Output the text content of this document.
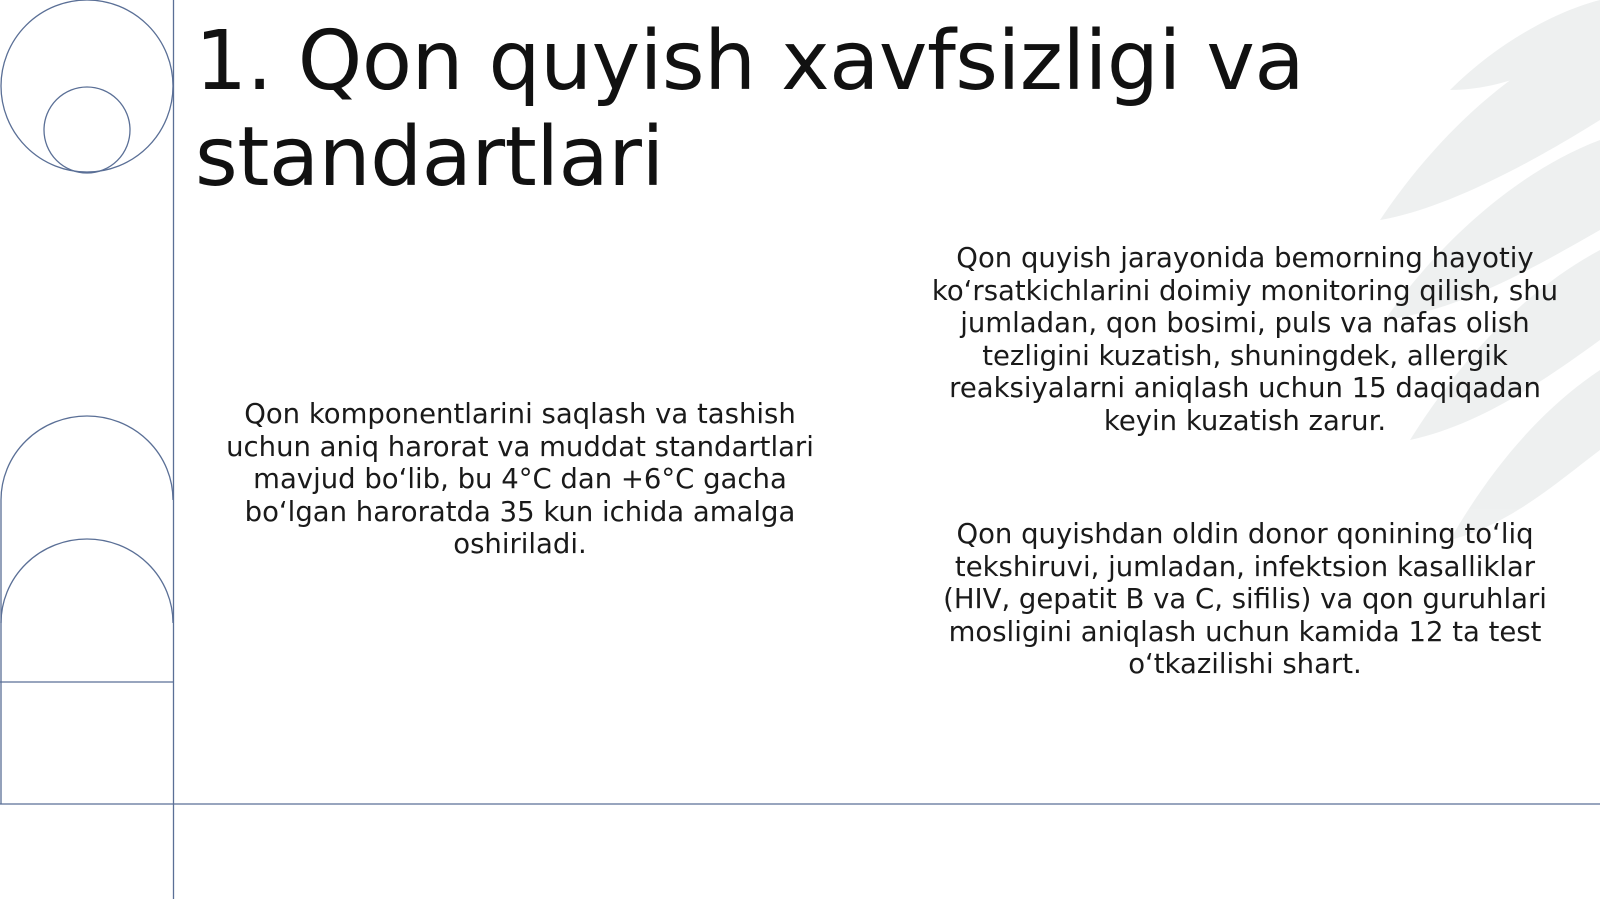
1. Qon quyish xavfsizligi va standartlari

Qon komponentlarini saqlash va tashish uchun aniq harorat va muddat standartlari mavjud bo‘lib, bu 4°C dan +6°C gacha bo‘lgan haroratda 35 kun ichida amalga oshiriladi.

Qon quyish jarayonida bemorning hayotiy ko‘rsatkichlarini doimiy monitoring qilish, shu jumladan, qon bosimi, puls va nafas olish tezligini kuzatish, shuningdek, allergik reaksiyalarni aniqlash uchun 15 daqiqadan keyin kuzatish zarur.

Qon quyishdan oldin donor qonining to‘liq tekshiruvi, jumladan, infektsion kasalliklar (HIV, gepatit B va C, sifilis) va qon guruhlari mosligini aniqlash uchun kamida 12 ta test o‘tkazilishi shart.
